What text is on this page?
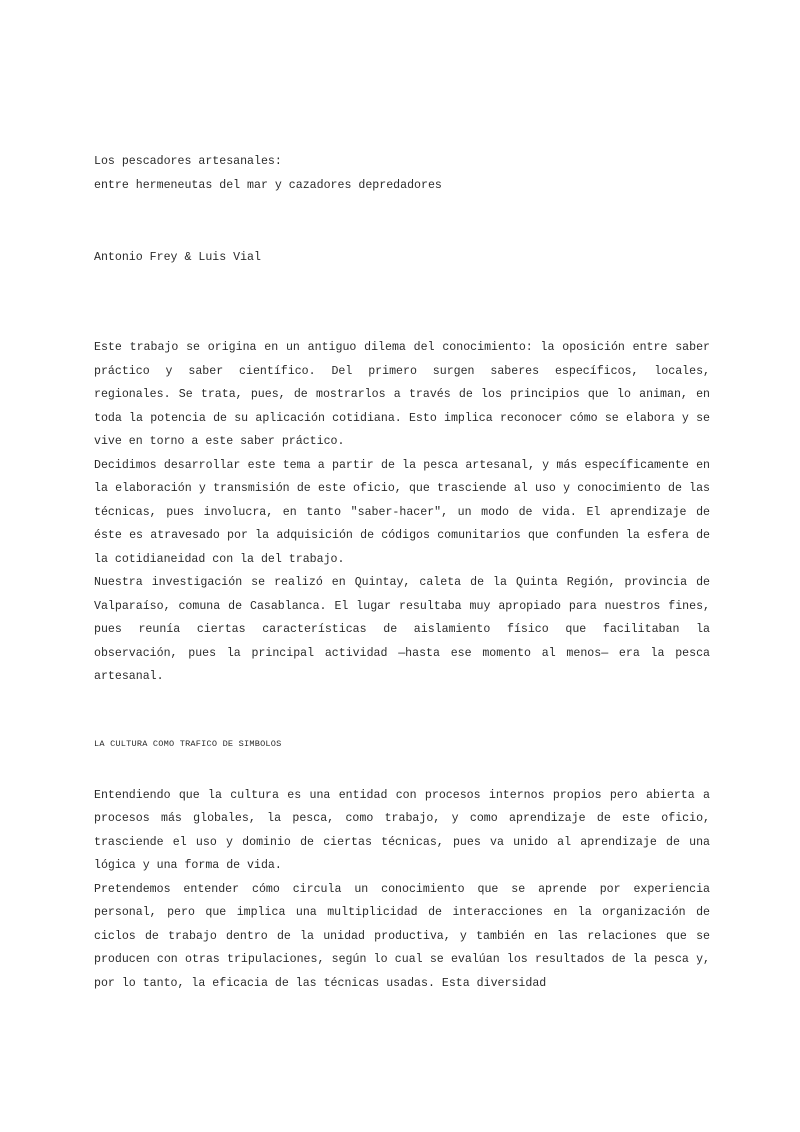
Los pescadores artesanales:
entre hermeneutas del mar y cazadores depredadores
Antonio Frey & Luis Vial

Este trabajo se origina en un antiguo dilema del conocimiento: la oposición entre saber práctico y saber científico. Del primero surgen saberes específicos, locales, regionales. Se trata, pues, de mostrarlos a través de los principios que lo animan, en toda la potencia de su aplicación cotidiana. Esto implica reconocer cómo se elabora y se vive en torno a este saber práctico.

Decidimos desarrollar este tema a partir de la pesca artesanal, y más específicamente en la elaboración y transmisión de este oficio, que trasciende al uso y conocimiento de las técnicas, pues involucra, en tanto "saber-hacer", un modo de vida. El aprendizaje de éste es atravesado por la adquisición de códigos comunitarios que confunden la esfera de la cotidianeidad con la del trabajo.

Nuestra investigación se realizó en Quintay, caleta de la Quinta Región, provincia de Valparaíso, comuna de Casablanca. El lugar resultaba muy apropiado para nuestros fines, pues reunía ciertas características de aislamiento físico que facilitaban la observación, pues la principal actividad —hasta ese momento al menos— era la pesca artesanal.

LA CULTURA COMO TRAFICO DE SIMBOLOS

Entendiendo que la cultura es una entidad con procesos internos propios pero abierta a procesos más globales, la pesca, como trabajo, y como aprendizaje de este oficio, trasciende el uso y dominio de ciertas técnicas, pues va unido al aprendizaje de una lógica y una forma de vida.

Pretendemos entender cómo circula un conocimiento que se aprende por experiencia personal, pero que implica una multiplicidad de interacciones en la organización de ciclos de trabajo dentro de la unidad productiva, y también en las relaciones que se producen con otras tripulaciones, según lo cual se evalúan los resultados de la pesca y, por lo tanto, la eficacia de las técnicas usadas. Esta diversidad
